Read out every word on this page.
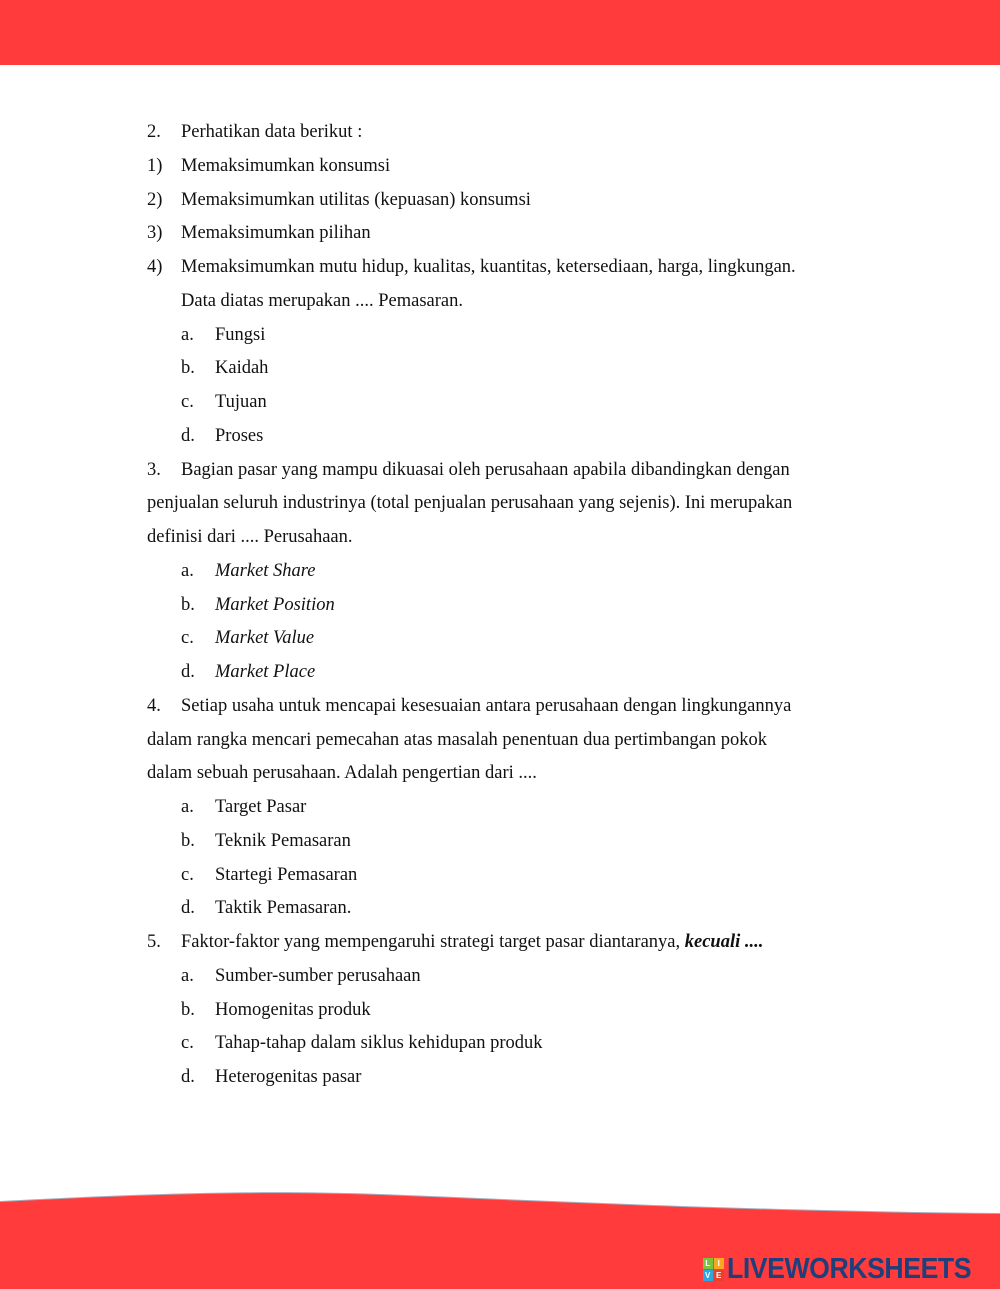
2. Perhatikan data berikut :
1) Memaksimumkan konsumsi
2) Memaksimumkan utilitas (kepuasan) konsumsi
3) Memaksimumkan pilihan
4) Memaksimumkan mutu hidup, kualitas, kuantitas, ketersediaan, harga, lingkungan.
Data diatas merupakan .... Pemasaran.
a. Fungsi
b. Kaidah
c. Tujuan
d. Proses
3. Bagian pasar yang mampu dikuasai oleh perusahaan apabila dibandingkan dengan
penjualan seluruh industrinya (total penjualan perusahaan yang sejenis). Ini merupakan
definisi dari .... Perusahaan.
a. Market Share
b. Market Position
c. Market Value
d. Market Place
4. Setiap usaha untuk mencapai kesesuaian antara perusahaan dengan lingkungannya
dalam rangka mencari pemecahan atas masalah penentuan dua pertimbangan pokok
dalam sebuah perusahaan. Adalah pengertian dari ....
a. Target Pasar
b. Teknik Pemasaran
c. Startegi Pemasaran
d. Taktik Pemasaran.
5. Faktor-faktor yang mempengaruhi strategi target pasar diantaranya, kecuali ....
a. Sumber-sumber perusahaan
b. Homogenitas produk
c. Tahap-tahap dalam siklus kehidupan produk
d. Heterogenitas pasar
L I
V E LIVEWORKSHEETS
